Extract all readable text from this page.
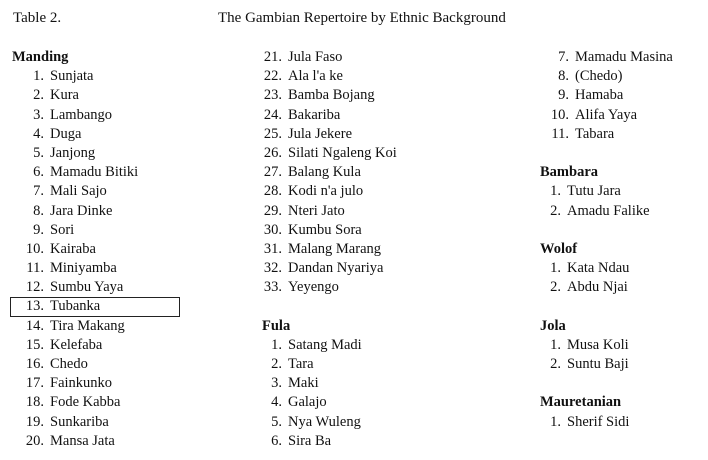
Table 2.	The Gambian Repertoire by Ethnic Background
Manding
1. Sunjata
2. Kura
3. Lambango
4. Duga
5. Janjong
6. Mamadu Bitiki
7. Mali Sajo
8. Jara Dinke
9. Sori
10. Kairaba
11. Miniyamba
12. Sumbu Yaya
13. Tubanka
14. Tira Makang
15. Kelefaba
16. Chedo
17. Fainkunko
18. Fode Kabba
19. Sunkariba
20. Mansa Jata
21. Jula Faso
22. Ala l'a ke
23. Bamba Bojang
24. Bakariba
25. Jula Jekere
26. Silati Ngaleng Koi
27. Balang Kula
28. Kodi n'a julo
29. Nteri Jato
30. Kumbu Sora
31. Malang Marang
32. Dandan Nyariya
33. Yeyengo
Fula
1. Satang Madi
2. Tara
3. Maki
4. Galajo
5. Nya Wuleng
6. Sira Ba
7. Mamadu Masina
8. (Chedo)
9. Hamaba
10. Alifa Yaya
11. Tabara
Bambara
1. Tutu Jara
2. Amadu Falike
Wolof
1. Kata Ndau
2. Abdu Njai
Jola
1. Musa Koli
2. Suntu Baji
Mauretanian
1. Sherif Sidi
